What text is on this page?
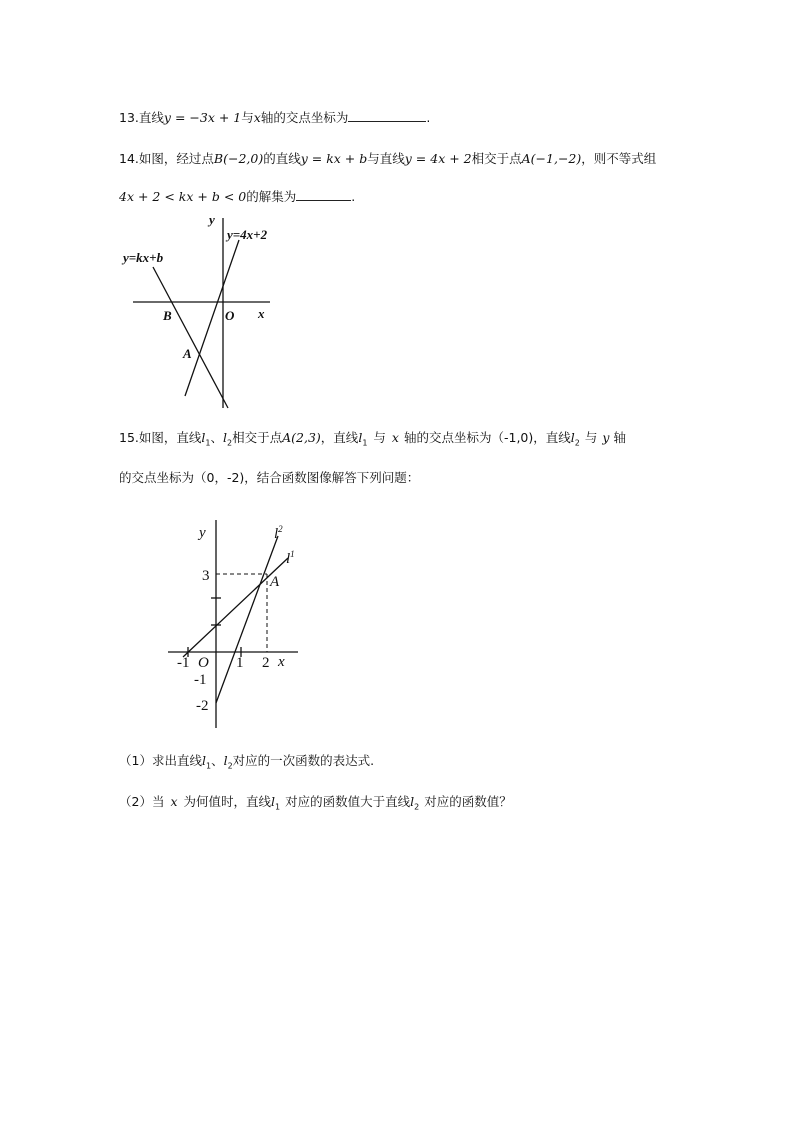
13.直线y = −3x + 1与x轴的交点坐标为	.
14.如图，经过点B(−2,0)的直线y = kx + b与直线y = 4x + 2相交于点A(−1,−2)，则不等式组
4x + 2 < kx + b < 0的解集为	.
y=4x+2
y=kx+b
y
x
B	O
A
15.如图，直线$l_1$、$l_2$相交于点A(2,3)，直线$l_1$ 与 x 轴的交点坐标为（-1,0)，直线$l_2$ 与 y 轴
的交点坐标为（0，-2)，结合函数图像解答下列问题：
y
x
$l^2$
$l^1$
3	A
-1 O 1 2
-1
-2
（1）求出直线$l_1$、$l_2$对应的一次函数的表达式.
（2）当 x 为何值时，直线$l_1$ 对应的函数值大于直线$l_2$ 对应的函数值？
